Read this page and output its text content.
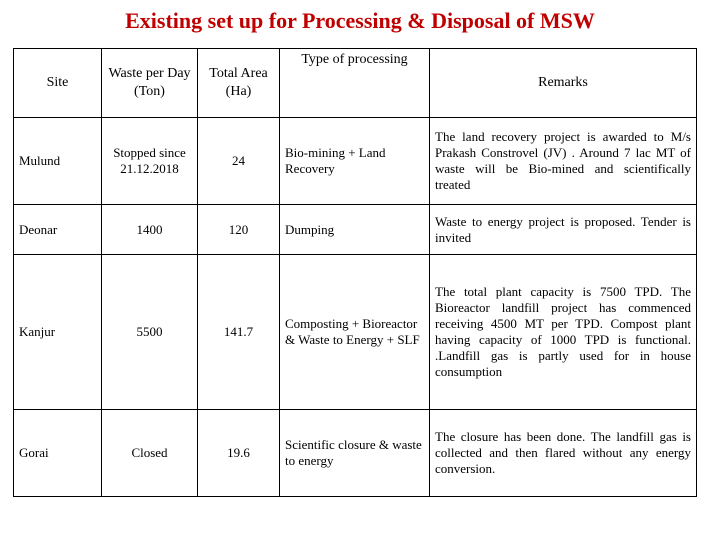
Existing set up for Processing & Disposal of MSW
Site	Waste per Day (Ton)	Total Area (Ha)	Type of processing	Remarks
Mulund	Stopped since 21.12.2018	24	Bio-mining + Land Recovery	The land recovery project is awarded to M/s Prakash Constrovel (JV) . Around 7 lac MT of waste will be Bio-mined and scientifically treated
Deonar	1400	120	Dumping	Waste to energy project is proposed. Tender is invited
Kanjur	5500	141.7	Composting + Bioreactor & Waste to Energy + SLF	The total plant capacity is 7500 TPD. The Bioreactor landfill project has commenced receiving 4500 MT per TPD. Compost plant having capacity of 1000 TPD is functional. .Landfill gas is partly used for in house consumption
Gorai	Closed	19.6	Scientific closure & waste to energy	The closure has been done. The landfill gas is collected and then flared without any energy conversion.
